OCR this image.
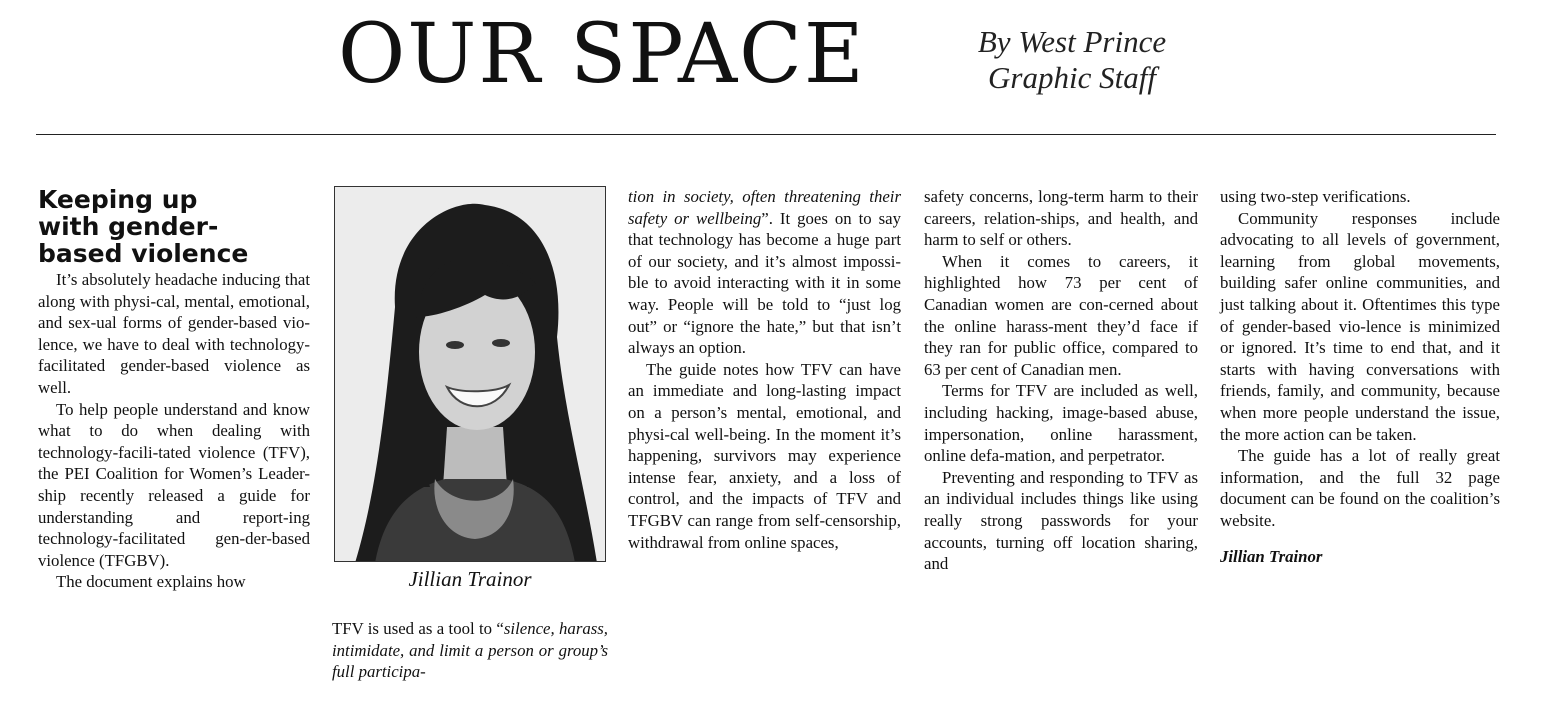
OUR SPACE	By West Prince
Graphic Staff
Keeping up
with gender-
based violence

It’s absolutely headache inducing that along with physi-cal, mental, emotional, and sex-ual forms of gender-based vio-lence, we have to deal with technology-facilitated gender-based violence as well.

To help people understand and know what to do when dealing with technology-facili-tated violence (TFV), the PEI Coalition for Women’s Leader-ship recently released a guide for understanding and report-ing technology-facilitated gen-der-based violence (TFGBV).

The document explains how	Jillian Trainor

TFV is used as a tool to “silence, harass, intimidate, and limit a person or group’s full participa-

tion in society, often threatening their safety or wellbeing”. It goes on to say that technology has become a huge part of our society, and it’s almost impossi-ble to avoid interacting with it in some way. People will be told to “just log out” or “ignore the hate,” but that isn’t always an option.

The guide notes how TFV can have an immediate and long-lasting impact on a person’s mental, emotional, and physi-cal well-being. In the moment it’s happening, survivors may experience intense fear, anxiety, and a loss of control, and the impacts of TFV and TFGBV can range from self-censorship, withdrawal from online spaces,

safety concerns, long-term harm to their careers, relation-ships, and health, and harm to self or others.

When it comes to careers, it highlighted how 73 per cent of Canadian women are con-cerned about the online harass-ment they’d face if they ran for public office, compared to 63 per cent of Canadian men.

Terms for TFV are included as well, including hacking, image-based abuse, impersonation, online harassment, online defa-mation, and perpetrator.

Preventing and responding to TFV as an individual includes things like using really strong passwords for your accounts, turning off location sharing, and

using two-step verifications.

Community responses include advocating to all levels of government, learning from global movements, building safer online communities, and just talking about it. Oftentimes this type of gender-based vio-lence is minimized or ignored. It’s time to end that, and it starts with having conversations with friends, family, and community, because when more people understand the issue, the more action can be taken.

The guide has a lot of really great information, and the full 32 page document can be found on the coalition’s website.

Jillian Trainor
